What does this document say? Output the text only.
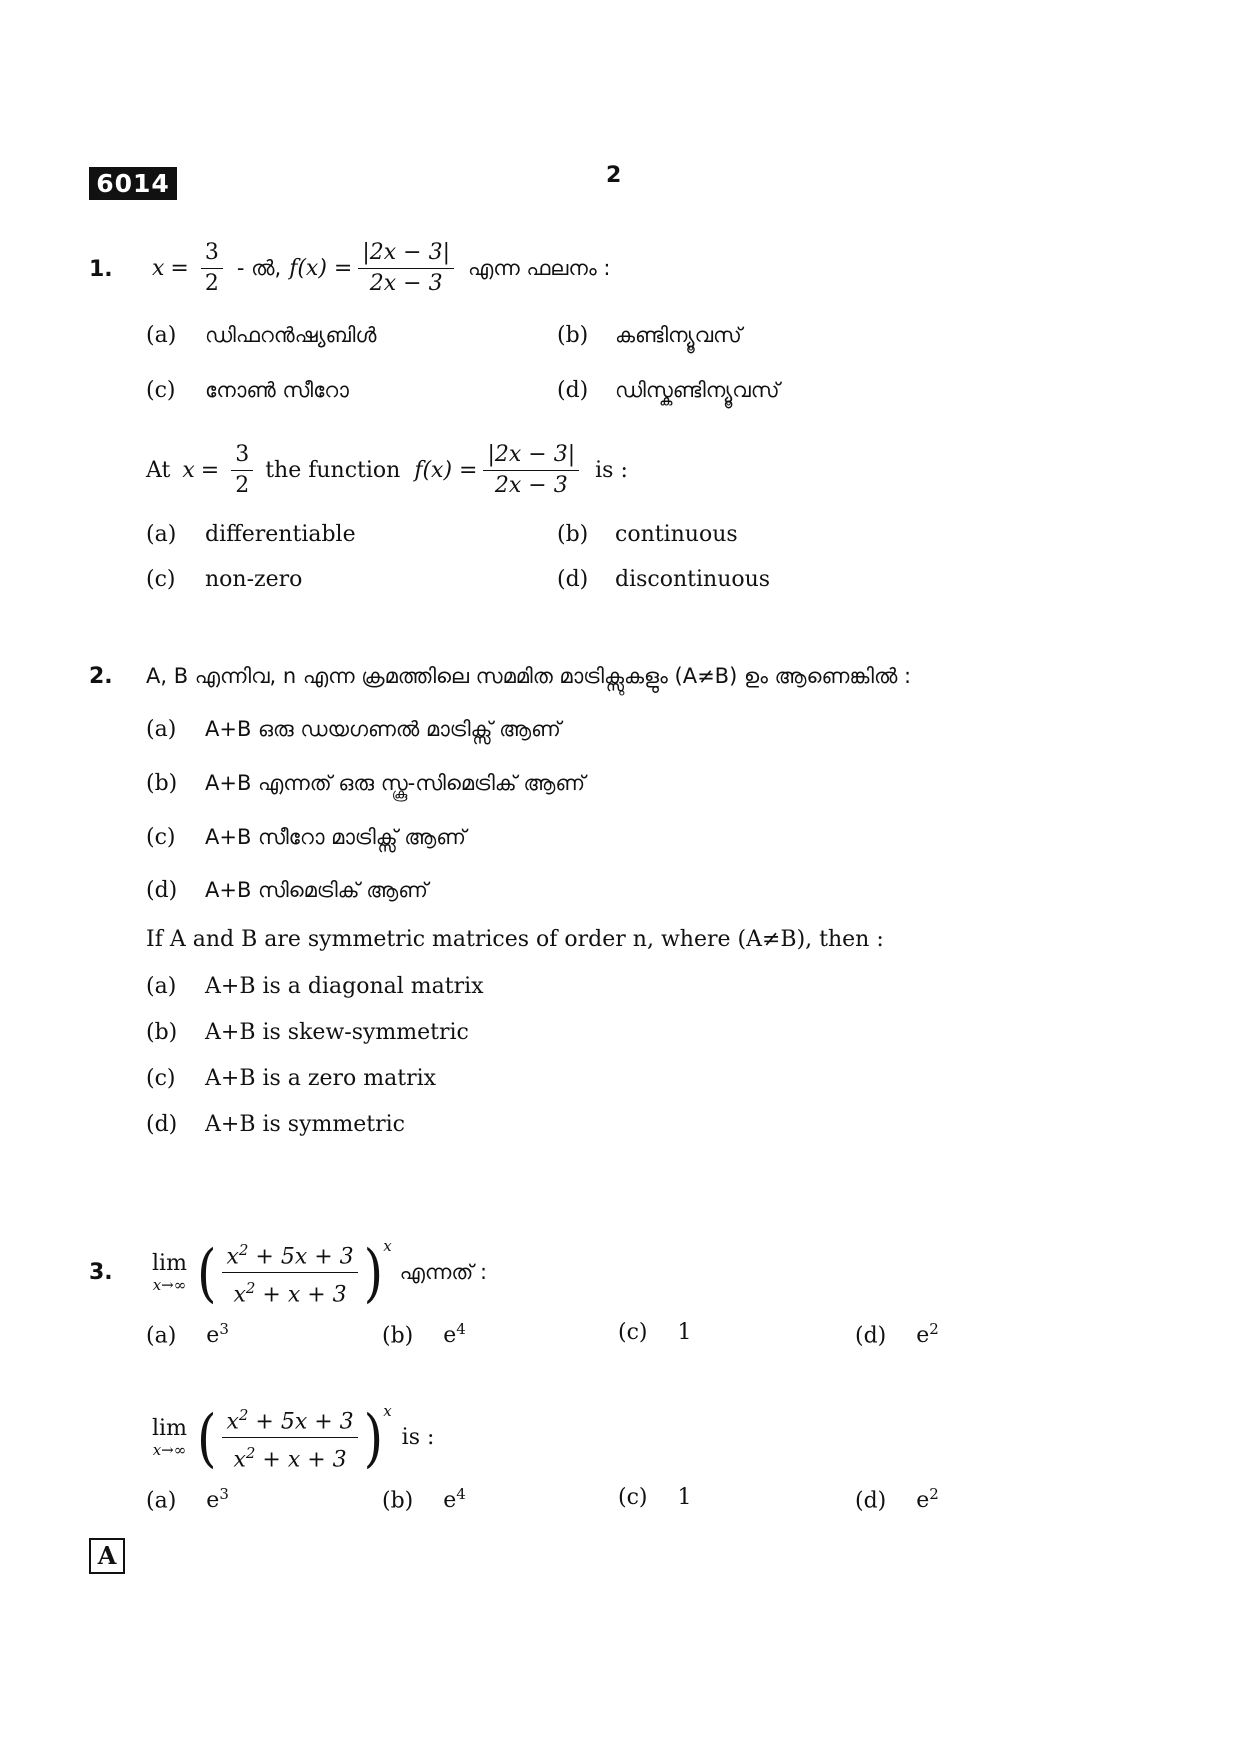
6014	2
1. $x = \frac{3}{2}$ - ൽ, $f(x) = \frac{|2x - 3|}{2x - 3}$ എന്ന ഫലനം :
(a) ഡിഫറൻഷ്യബിൾ	(b) കണ്ടിന്യൂവസ്
(c) നോൺ സീറോ	(d) ഡിസ്കണ്ടിന്യൂവസ്
At $x = \frac{3}{2}$ the function $f(x) = \frac{|2x - 3|}{2x - 3}$ is :
(a) differentiable	(b) continuous
(c) non-zero	(d) discontinuous
2. A, B എന്നിവ, n എന്ന ക്രമത്തിലെ സമമിത മാട്രിക്സുകളും (A≠B) ഉം ആണെങ്കിൽ :
(a) A+B ഒരു ഡയഗണൽ മാട്രിക്സ് ആണ്
(b) A+B എന്നത് ഒരു സ്കൂ-സിമെട്രിക് ആണ്
(c) A+B സീറോ മാട്രിക്സ് ആണ്
(d) A+B സിമെട്രിക് ആണ്
If A and B are symmetric matrices of order n, where (A≠B), then :
(a) A+B is a diagonal matrix
(b) A+B is skew-symmetric
(c) A+B is a zero matrix
(d) A+B is symmetric
3. lim
x→∞ ( $\frac{x^2 + 5x + 3}{x^2 + x + 3}$ ) x
എന്നത് :
(a) $e^3$	(b) $e^4$	(c) 1	(d) $e^2$
lim
x→∞ ( $\frac{x^2 + 5x + 3}{x^2 + x + 3}$ ) x
is :
(a) $e^3$	(b) $e^4$	(c) 1	(d) $e^2$
A
